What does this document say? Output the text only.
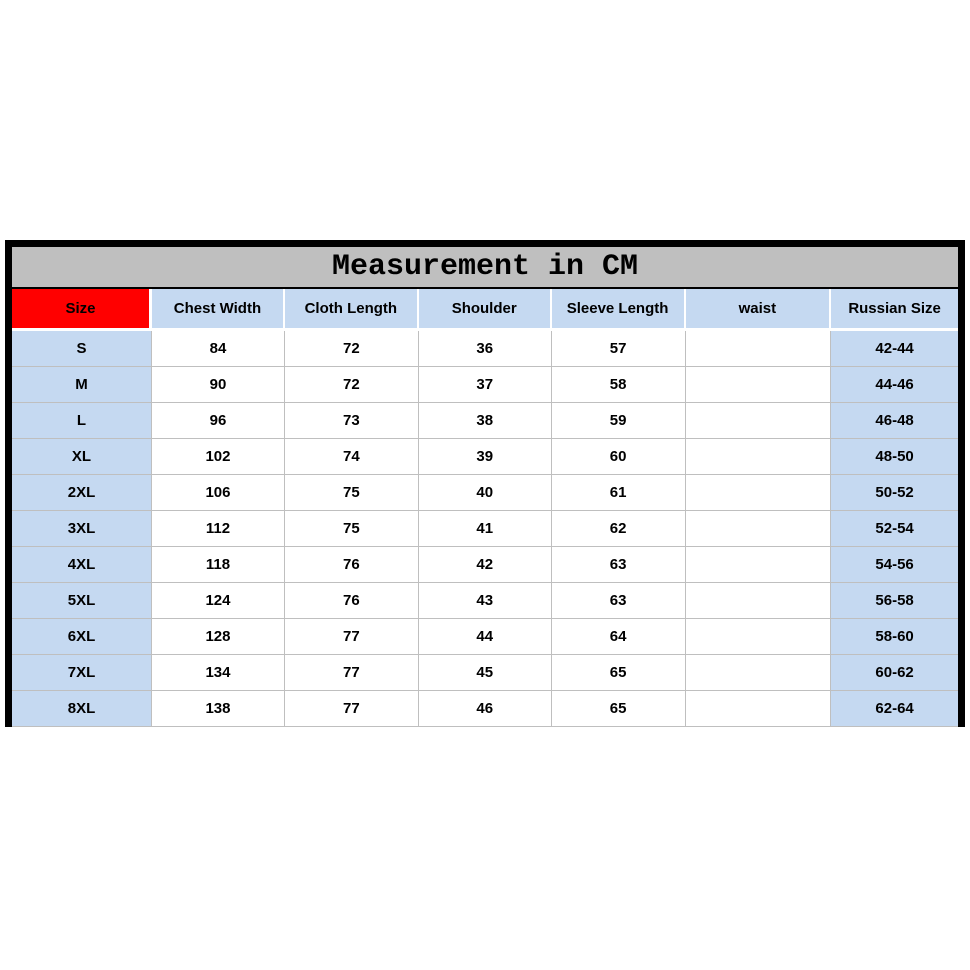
Measurement in CM
Size	Chest Width	Cloth Length	Shoulder	Sleeve Length	waist	Russian Size
S	84	72	36	57		42-44
M	90	72	37	58		44-46
L	96	73	38	59		46-48
XL	102	74	39	60		48-50
2XL	106	75	40	61		50-52
3XL	112	75	41	62		52-54
4XL	118	76	42	63		54-56
5XL	124	76	43	63		56-58
6XL	128	77	44	64		58-60
7XL	134	77	45	65		60-62
8XL	138	77	46	65		62-64
